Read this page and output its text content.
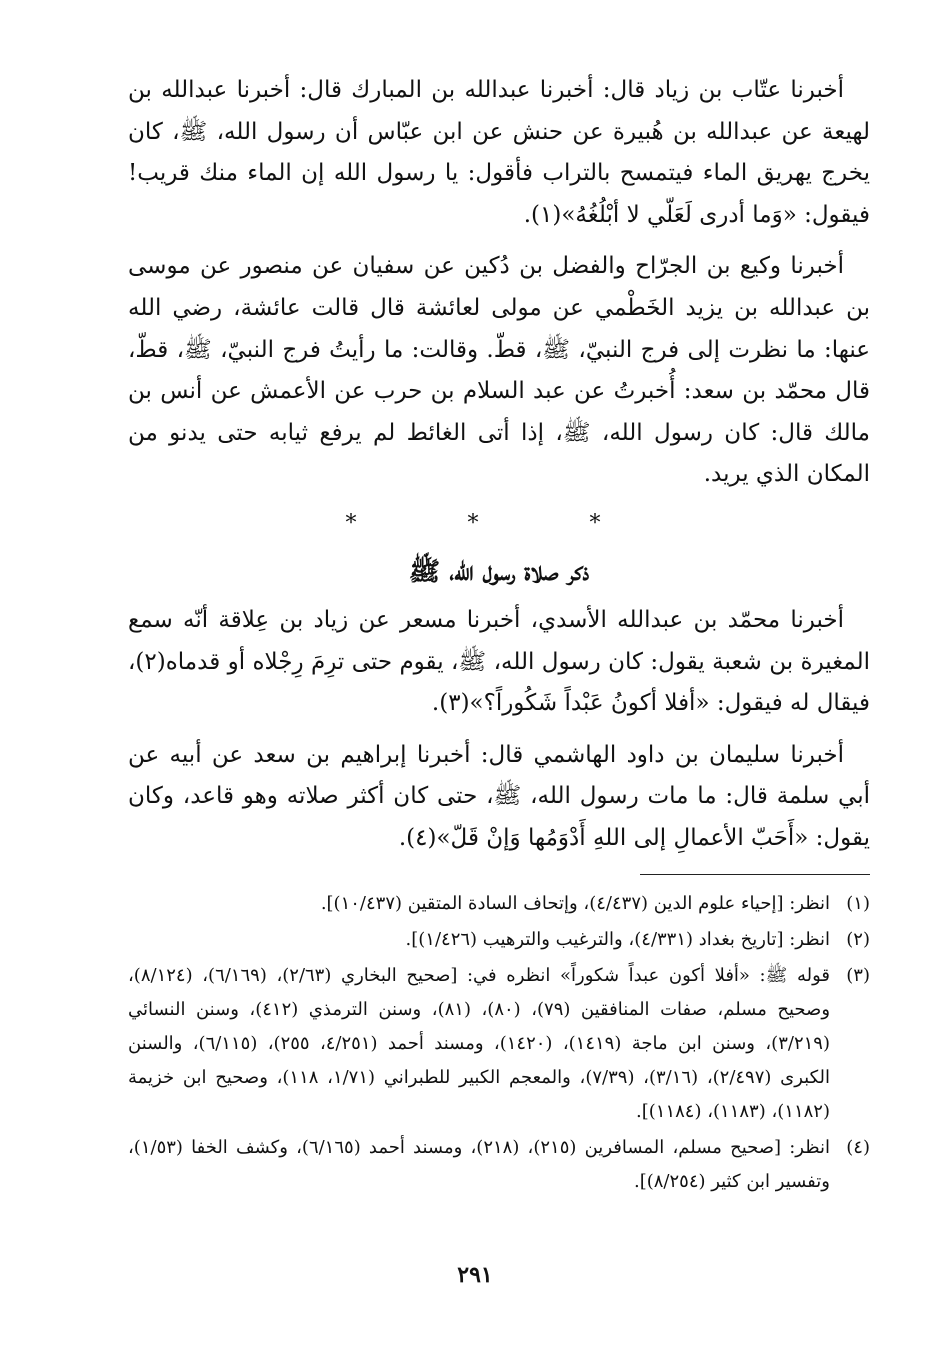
أخبرنا عتّاب بن زياد قال: أخبرنا عبدالله بن المبارك قال: أخبرنا عبدالله بن لهيعة عن عبدالله بن هُبيرة عن حنش عن ابن عبّاس أن رسول الله، ﷺ، كان يخرج يهريق الماء فيتمسح بالتراب فأقول: يا رسول الله إن الماء منك قريب! فيقول: «وَما أدرى لَعَلّي لا أبْلُغُهُ»(١).

أخبرنا وكيع بن الجرّاح والفضل بن دُكين عن سفيان عن منصور عن موسى بن عبدالله بن يزيد الخَطْمي عن مولى لعائشة قال قالت عائشة، رضي الله عنها: ما نظرت إلى فرج النبيّ، ﷺ، قطّ. وقالت: ما رأيتُ فرج النبيّ، ﷺ، قطّ، قال محمّد بن سعد: أُخبرتُ عن عبد السلام بن حرب عن الأعمش عن أنس بن مالك قال: كان رسول الله، ﷺ، إذا أتى الغائط لم يرفع ثيابه حتى يدنو من المكان الذي يريد.

* * *
ذكر صلاة رسول الله، ﷺ

أخبرنا محمّد بن عبدالله الأسدي، أخبرنا مسعر عن زياد بن عِلاقة أنّه سمع المغيرة بن شعبة يقول: كان رسول الله، ﷺ، يقوم حتى ترِمَ رِجْلاه أو قدماه(٢)، فيقال له فيقول: «أفلا أكونُ عَبْداً شَكُوراً؟»(٣).

أخبرنا سليمان بن داود الهاشمي قال: أخبرنا إبراهيم بن سعد عن أبيه عن أبي سلمة قال: ما مات رسول الله، ﷺ، حتى كان أكثر صلاته وهو قاعد، وكان يقول: «أَحَبّ الأعمالِ إلى اللهِ أَدْوَمُها وَإنْ قَلّ»(٤).

(١)
انظر: [إحياء علوم الدين (٤/٤٣٧)، وإتحاف السادة المتقين (١٠/٤٣٧)].
(٢)
انظر: [تاريخ بغداد (٤/٣٣١)، والترغيب والترهيب (١/٤٢٦)].
(٣)
قوله ﷺ: «أفلا أكون عبداً شكوراً» انظره في: [صحيح البخاري (٢/٦٣)، (٦/١٦٩)، (٨/١٢٤)، وصحيح مسلم، صفات المنافقين (٧٩)، (٨٠)، (٨١)، وسنن الترمذي (٤١٢)، وسنن النسائي (٣/٢١٩)، وسنن ابن ماجة (١٤١٩)، (١٤٢٠)، ومسند أحمد (٤/٢٥١، ٢٥٥)، (٦/١١٥)، والسنن الكبرى (٢/٤٩٧)، (٣/١٦)، (٧/٣٩)، والمعجم الكبير للطبراني (١/٧١، ١١٨)، وصحيح ابن خزيمة (١١٨٢)، (١١٨٣)، (١١٨٤)].
(٤)
انظر: [صحيح مسلم، المسافرين (٢١٥)، (٢١٨)، ومسند أحمد (٦/١٦٥)، وكشف الخفا (١/٥٣)، وتفسير ابن كثير (٨/٢٥٤)].
٢٩١
